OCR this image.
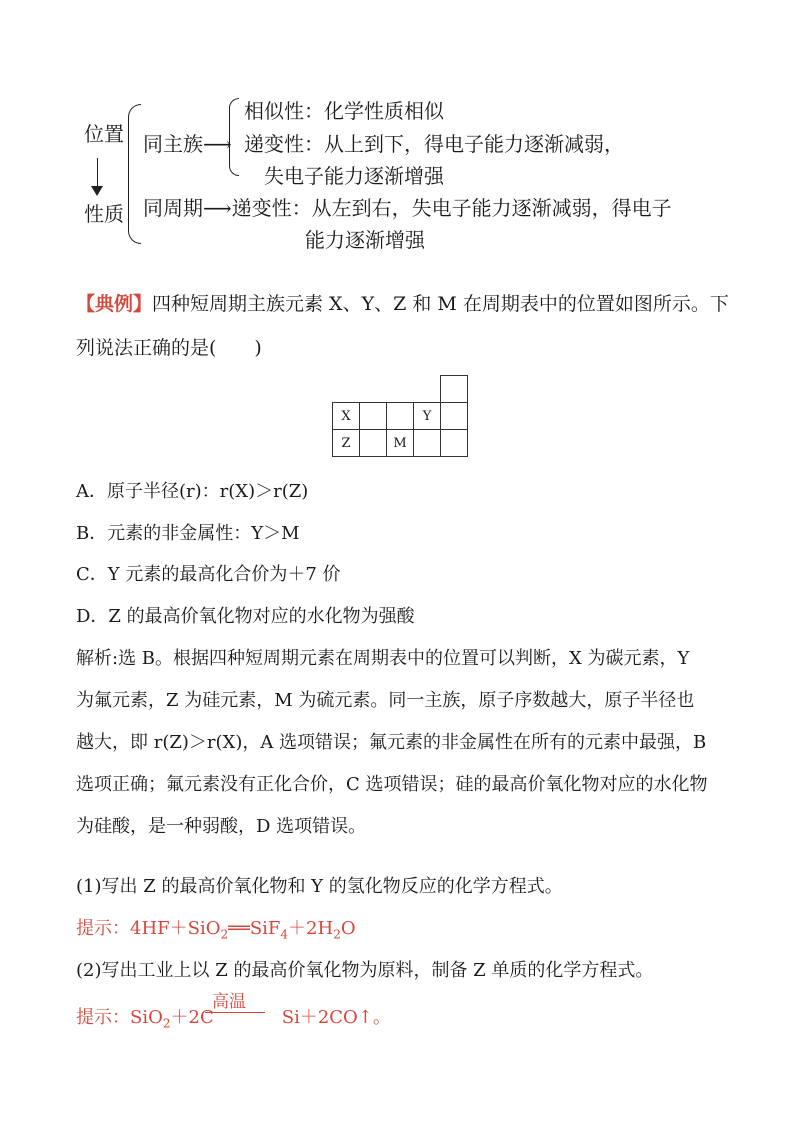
位置
性质
同主族⟶
相似性：化学性质相似
递变性：从上到下，得电子能力逐渐减弱，
失电子能力逐渐增强
同周期⟶递变性：从左到右，失电子能力逐渐减弱，得电子
能力逐渐增强
【典例】四种短周期主族元素 X、Y、Z 和 M 在周期表中的位置如图所示。下
列说法正确的是(　　)

X			Y	
Z		M		
A．原子半径(r)：r(X)＞r(Z)
B．元素的非金属性：Y＞M
C．Y 元素的最高化合价为＋7 价
D．Z 的最高价氧化物对应的水化物为强酸
解析:选 B。根据四种短周期元素在周期表中的位置可以判断，X 为碳元素，Y
为氟元素，Z 为硅元素，M 为硫元素。同一主族，原子序数越大，原子半径也
越大，即 r(Z)＞r(X)，A 选项错误；氟元素的非金属性在所有的元素中最强，B
选项正确；氟元素没有正化合价，C 选项错误；硅的最高价氧化物对应的水化物
为硅酸，是一种弱酸，D 选项错误。
(1)写出 Z 的最高价氧化物和 Y 的氢化物反应的化学方程式。
提示：$4HF+SiO_2══SiF_4+2H_2O$
(2)写出工业上以 Z 的最高价氧化物为原料，制备 Z 单质的化学方程式。
提示：SiO$_2$＋2C	Si＋2CO↑。
高温
